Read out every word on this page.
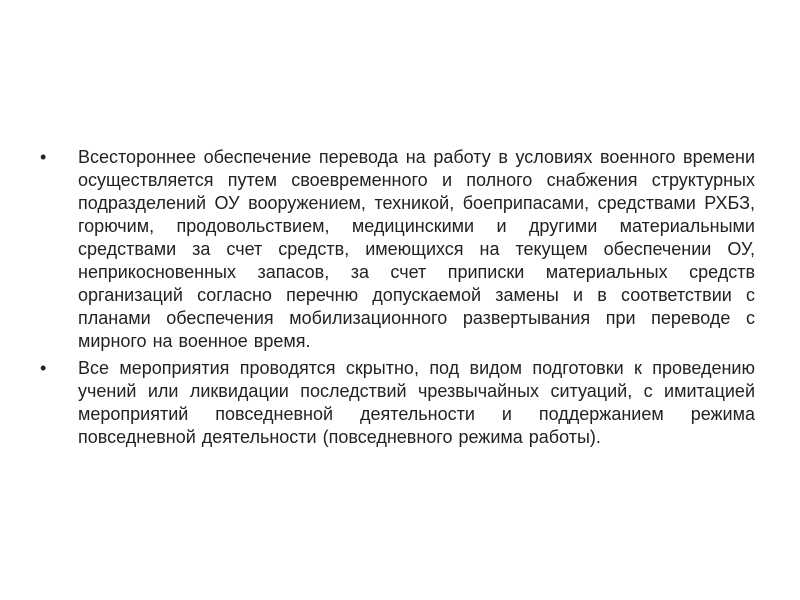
•	Всестороннее обеспечение перевода на работу в условиях военного времени осуществляется путем своевременного и полного снабжения структурных подразделений ОУ вооружением, техникой, боеприпасами, средствами РХБЗ, горючим, продовольствием, медицинскими и другими материальными средствами за счет средств, имеющихся на текущем обеспечении ОУ, неприкосновенных запасов, за счет приписки материальных средств организаций согласно перечню допускаемой замены и в соответствии с планами обеспечения мобилизационного развертывания при переводе с мирного на военное время.
•	Все мероприятия проводятся скрытно, под видом подготовки к проведению учений или ликвидации последствий чрезвычайных ситуаций, с имитацией мероприятий повседневной деятельности и поддержанием режима повседневной деятельности (повседневного режима работы).
